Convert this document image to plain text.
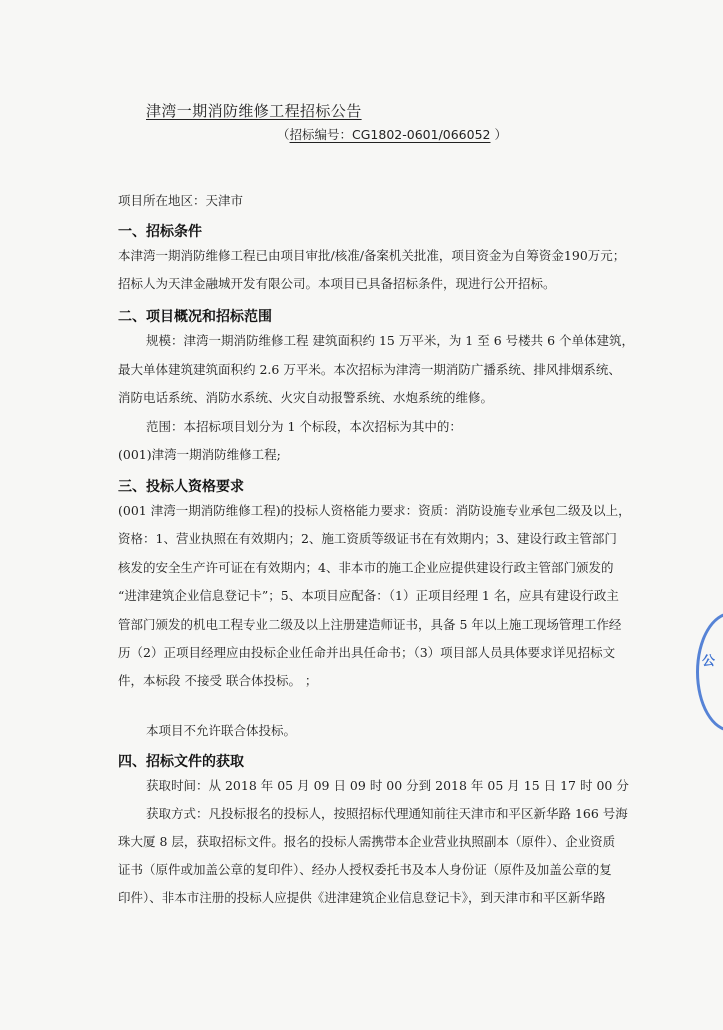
津湾一期消防维修工程招标公告
（招标编号：CG1802-0601/066052 ）
项目所在地区：天津市
一、招标条件
本津湾一期消防维修工程已由项目审批/核准/备案机关批准，项目资金为自筹资金190万元；
招标人为天津金融城开发有限公司。本项目已具备招标条件，现进行公开招标。
二、项目概况和招标范围
规模：津湾一期消防维修工程 建筑面积约 15 万平米，为 1 至 6 号楼共 6 个单体建筑，
最大单体建筑建筑面积约 2.6 万平米。本次招标为津湾一期消防广播系统、排风排烟系统、
消防电话系统、消防水系统、火灾自动报警系统、水炮系统的维修。
范围：本招标项目划分为 1 个标段，本次招标为其中的：
(001)津湾一期消防维修工程;
三、投标人资格要求
(001 津湾一期消防维修工程)的投标人资格能力要求：资质：消防设施专业承包二级及以上，
资格：1、营业执照在有效期内；2、施工资质等级证书在有效期内；3、建设行政主管部门
核发的安全生产许可证在有效期内；4、非本市的施工企业应提供建设行政主管部门颁发的
“进津建筑企业信息登记卡”；5、本项目应配备：（1）正项目经理 1 名，应具有建设行政主
管部门颁发的机电工程专业二级及以上注册建造师证书，具备 5 年以上施工现场管理工作经
历（2）正项目经理应由投标企业任命并出具任命书；（3）项目部人员具体要求详见招标文
件，本标段 不接受 联合体投标。 ；
本项目不允许联合体投标。
四、招标文件的获取
获取时间：从 2018 年 05 月 09 日 09 时 00 分到 2018 年 05 月 15 日 17 时 00 分
获取方式：凡投标报名的投标人，按照招标代理通知前往天津市和平区新华路 166 号海
珠大厦 8 层，获取招标文件。报名的投标人需携带本企业营业执照副本（原件）、企业资质
证书（原件或加盖公章的复印件）、经办人授权委托书及本人身份证（原件及加盖公章的复
印件）、非本市注册的投标人应提供《进津建筑企业信息登记卡》，到天津市和平区新华路
公
